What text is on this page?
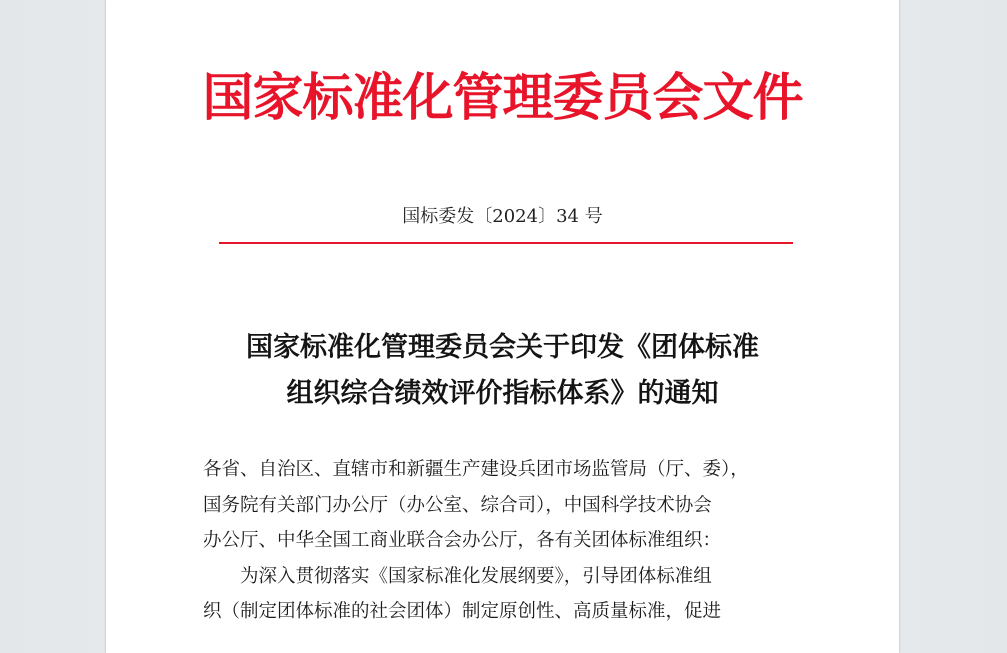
国家标准化管理委员会文件
国标委发〔2024〕34 号
国家标准化管理委员会关于印发《团体标准
组织综合绩效评价指标体系》的通知
各省、自治区、直辖市和新疆生产建设兵团市场监管局（厅、委），
国务院有关部门办公厅（办公室、综合司），中国科学技术协会
办公厅、中华全国工商业联合会办公厅，各有关团体标准组织：
为深入贯彻落实《国家标准化发展纲要》，引导团体标准组
织（制定团体标准的社会团体）制定原创性、高质量标准，促进
